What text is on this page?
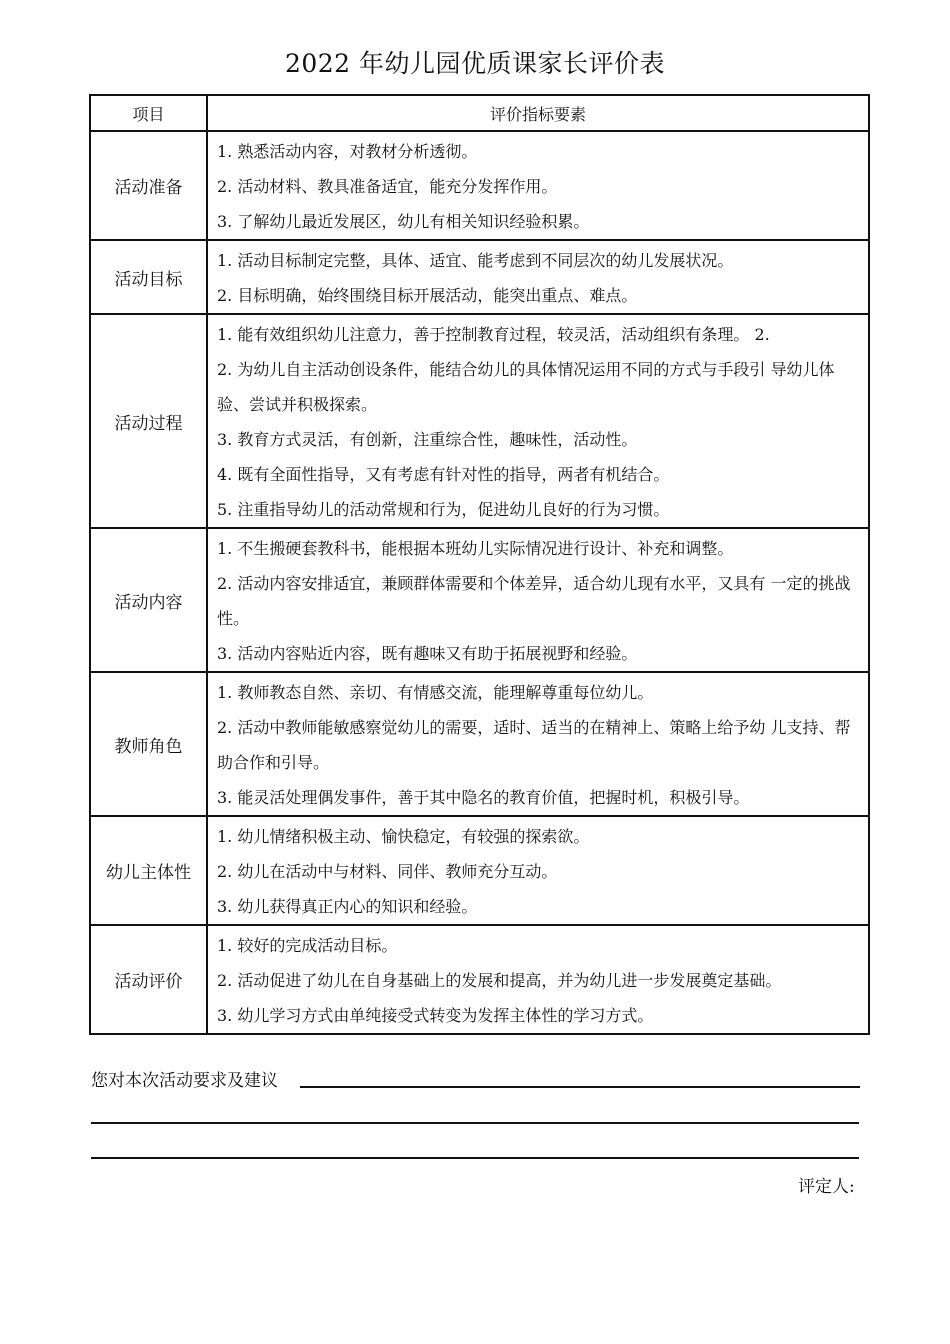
2022 年幼儿园优质课家长评价表
项目	评价指标要素
活动准备	1. 熟悉活动内容，对教材分析透彻。
2. 活动材料、教具准备适宜，能充分发挥作用。
3. 了解幼儿最近发展区，幼儿有相关知识经验积累。

活动目标	1. 活动目标制定完整，具体、适宜、能考虑到不同层次的幼儿发展状况。
2. 目标明确，始终围绕目标开展活动，能突出重点、难点。

活动过程	1. 能有效组织幼儿注意力，善于控制教育过程，较灵活，活动组织有条理。 2.
2. 为幼儿自主活动创设条件，能结合幼儿的具体情况运用不同的方式与手段引 导幼儿体验、尝试并积极探索。
3. 教育方式灵活，有创新，注重综合性，趣味性，活动性。
4. 既有全面性指导，又有考虑有针对性的指导，两者有机结合。
5. 注重指导幼儿的活动常规和行为，促进幼儿良好的行为习惯。

活动内容	1. 不生搬硬套教科书，能根据本班幼儿实际情况进行设计、补充和调整。
2. 活动内容安排适宜，兼顾群体需要和个体差异，适合幼儿现有水平，又具有 一定的挑战性。
3. 活动内容贴近内容，既有趣味又有助于拓展视野和经验。

教师角色	1. 教师教态自然、亲切、有情感交流，能理解尊重每位幼儿。
2. 活动中教师能敏感察觉幼儿的需要，适时、适当的在精神上、策略上给予幼 儿支持、帮助合作和引导。
3. 能灵活处理偶发事件，善于其中隐名的教育价值，把握时机，积极引导。

幼儿主体性	1. 幼儿情绪积极主动、愉快稳定，有较强的探索欲。
2. 幼儿在活动中与材料、同伴、教师充分互动。
3. 幼儿获得真正内心的知识和经验。

活动评价	1. 较好的完成活动目标。
2. 活动促进了幼儿在自身基础上的发展和提高，并为幼儿进一步发展奠定基础。
3. 幼儿学习方式由单纯接受式转变为发挥主体性的学习方式。
您对本次活动要求及建议
评定人:
